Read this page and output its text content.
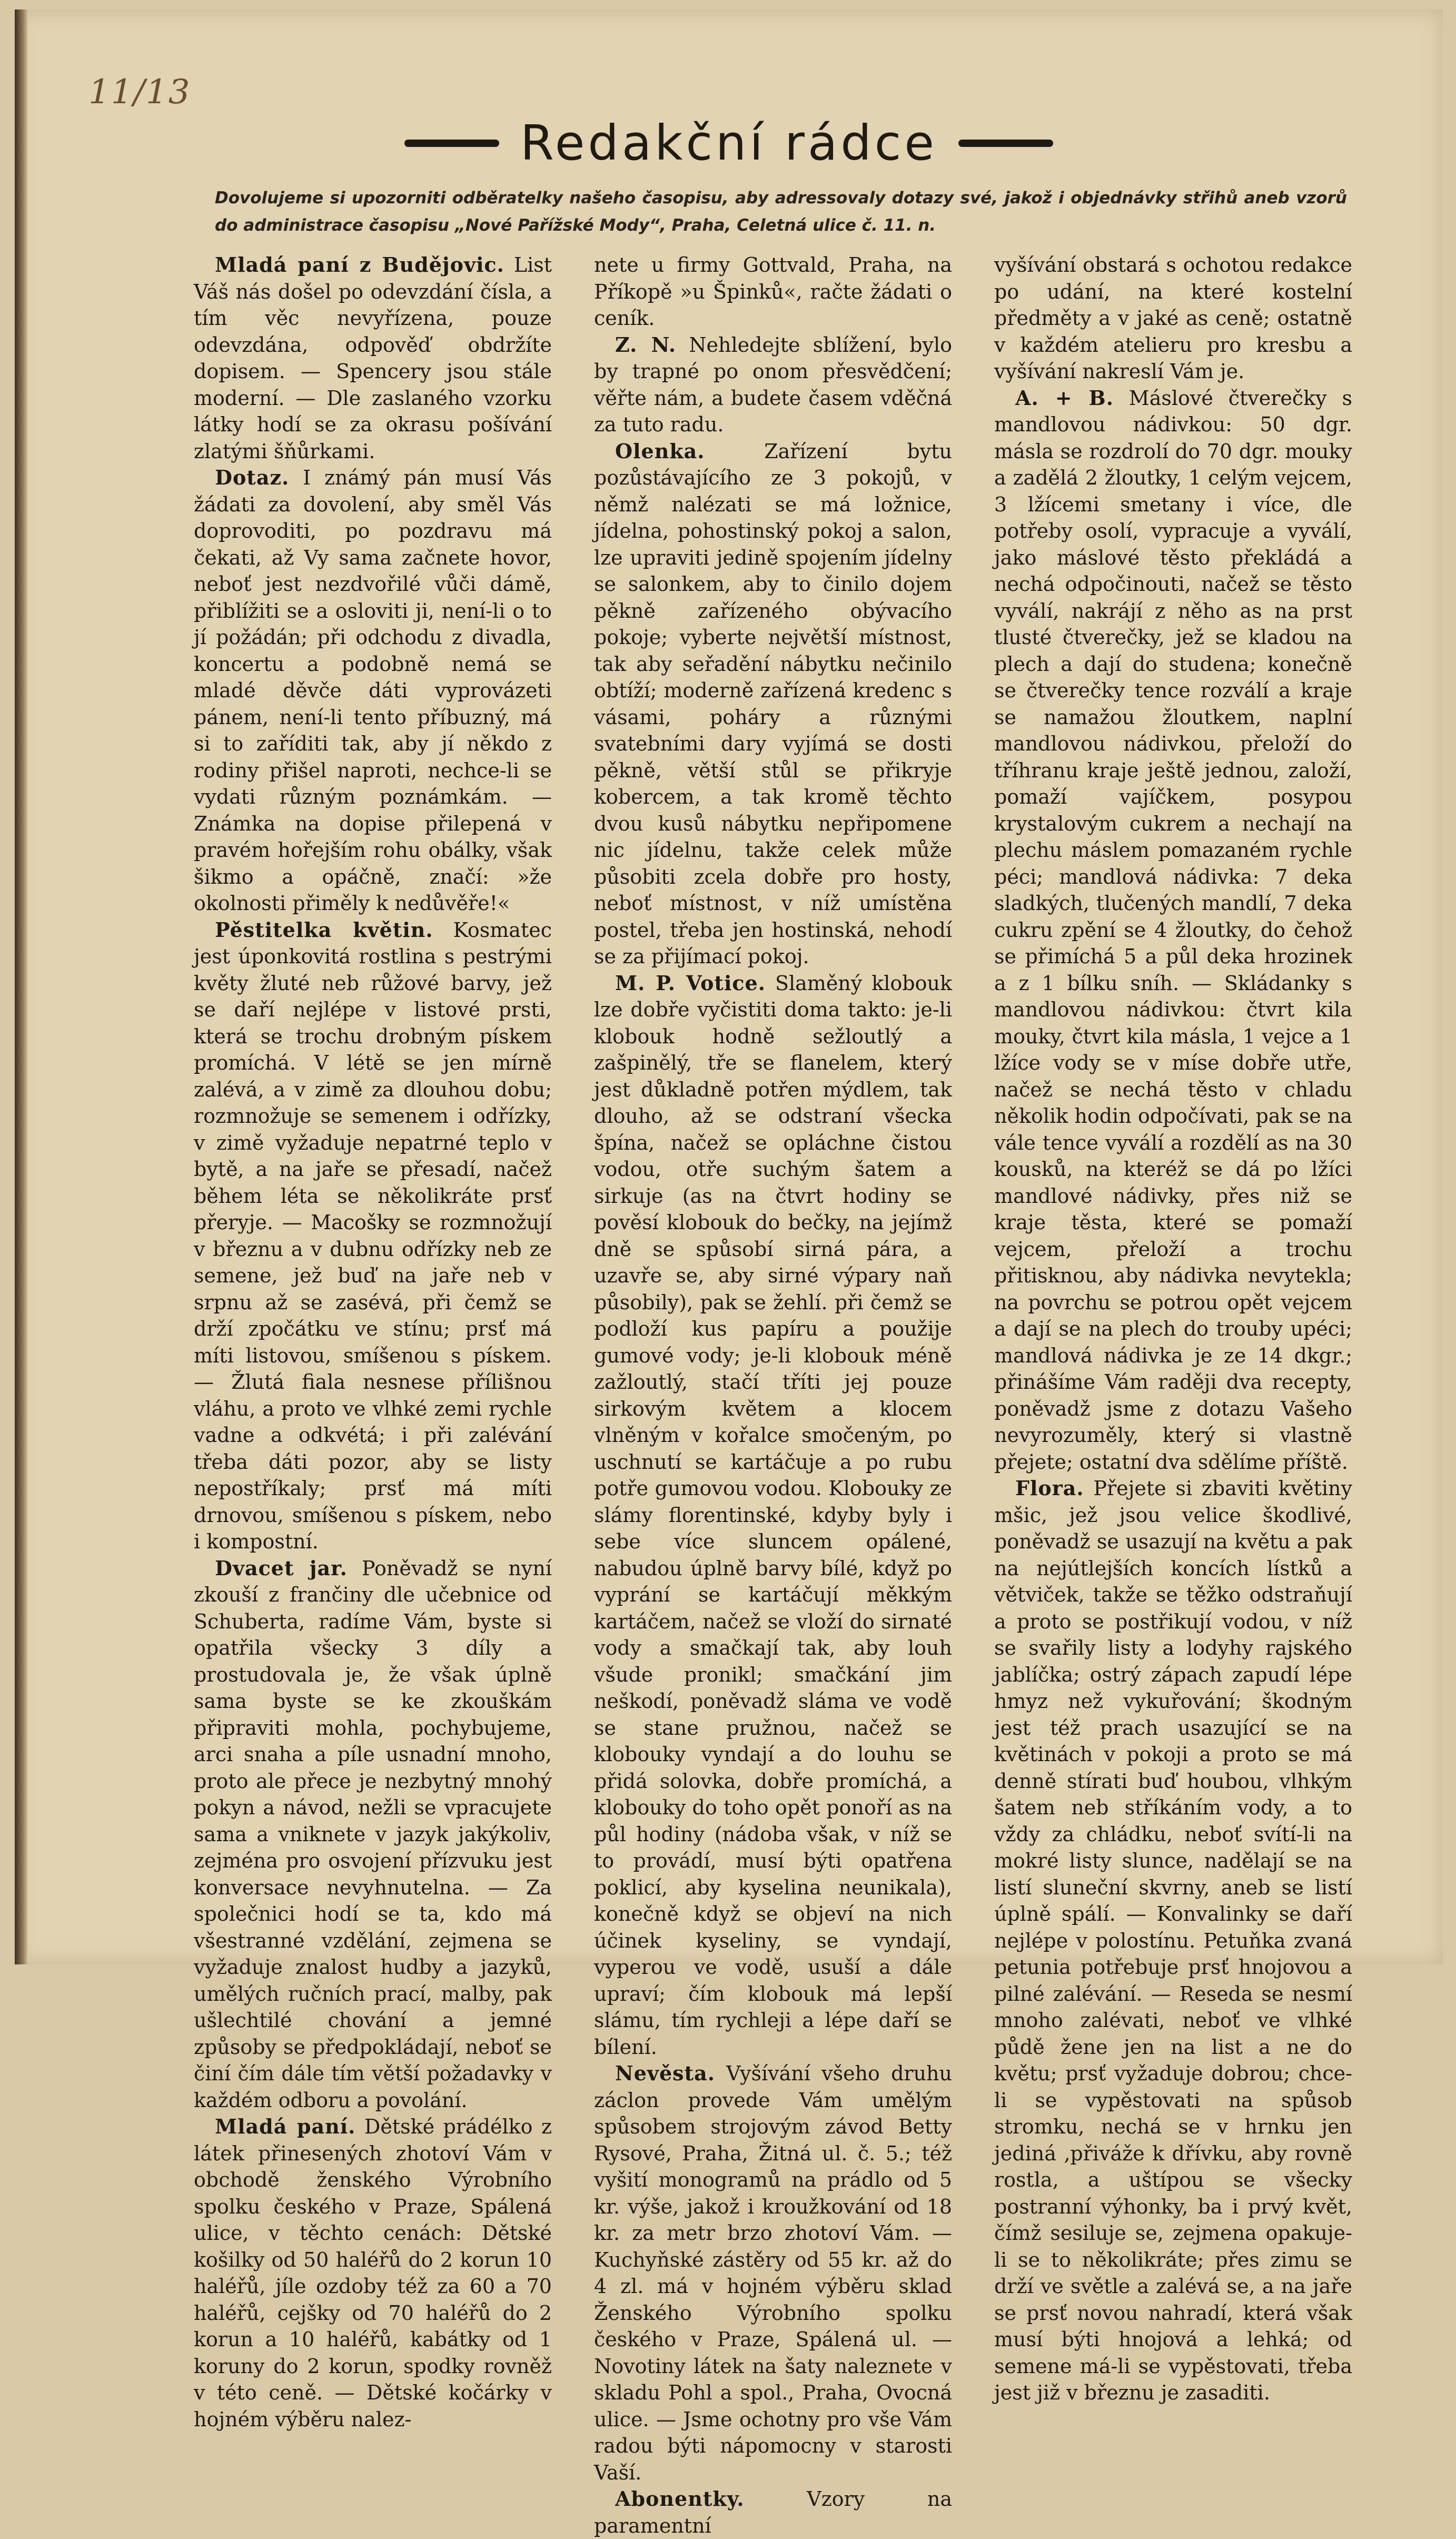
11/13
Redakční rádce
Dovolujeme si upozorniti odběratelky našeho časopisu, aby adressovaly dotazy své, jakož i objednávky střihů aneb vzorů do administrace časopisu „Nové Pařížské Mody“, Praha, Celetná ulice č. 11. n.

Mladá paní z Budějovic. List Váš nás došel po odevzdání čísla, a tím věc nevyřízena, pouze odevzdána, odpověď obdržíte dopisem. — Spencery jsou stále moderní. — Dle zaslaného vzorku látky hodí se za okrasu pošívání zlatými šňůrkami.

Dotaz. I známý pán musí Vás žádati za dovolení, aby směl Vás doprovoditi, po pozdravu má čekati, až Vy sama začnete hovor, neboť jest nezdvořilé vůči dámě, přiblížiti se a osloviti ji, není-li o to jí požádán; při odchodu z divadla, koncertu a podobně nemá se mladé děvče dáti vyprovázeti pánem, není-li tento příbuzný, má si to zaříditi tak, aby jí někdo z rodiny přišel naproti, nechce-li se vydati různým poznámkám. — Známka na dopise přilepená v pravém hořejším rohu obálky, však šikmo a opáčně, značí: »že okolnosti přiměly k nedůvěře!«

Pěstitelka květin. Kosmatec jest úponkovitá rostlina s pestrými květy žluté neb růžové barvy, jež se daří nejlépe v listové prsti, která se trochu drobným pískem promíchá. V létě se jen mírně zalévá, a v zimě za dlouhou dobu; rozmnožuje se semenem i odřízky, v zimě vyžaduje nepatrné teplo v bytě, a na jaře se přesadí, načež během léta se několikráte prsť přeryje. — Macošky se rozmnožují v březnu a v dubnu odřízky neb ze semene, jež buď na jaře neb v srpnu až se zasévá, při čemž se drží zpočátku ve stínu; prsť má míti listovou, smíšenou s pískem. — Žlutá fiala nesnese přílišnou vláhu, a proto ve vlhké zemi rychle vadne a odkvétá; i při zalévání třeba dáti pozor, aby se listy nepostříkaly; prsť má míti drnovou, smíšenou s pískem, nebo i kompostní.

Dvacet jar. Poněvadž se nyní zkouší z frančiny dle učebnice od Schuberta, radíme Vám, byste si opatřila všecky 3 díly a prostudovala je, že však úplně sama byste se ke zkouškám připraviti mohla, pochybujeme, arci snaha a píle usnadní mnoho, proto ale přece je nezbytný mnohý pokyn a návod, nežli se vpracujete sama a vniknete v jazyk jakýkoliv, zejména pro osvojení přízvuku jest konversace nevyhnutelna. — Za společnici hodí se ta, kdo má všestranné vzdělání, zejmena se vyžaduje znalost hudby a jazyků, umělých ručních prací, malby, pak ušlechtilé chování a jemné způsoby se předpokládají, neboť se činí čím dále tím větší požadavky v každém odboru a povolání.

Mladá paní. Dětské prádélko z látek přinesených zhotoví Vám v obchodě ženského Výrobního spolku českého v Praze, Spálená ulice, v těchto cenách: Dětské košilky od 50 haléřů do 2 korun 10 haléřů, jíle ozdoby též za 60 a 70 haléřů, cejšky od 70 haléřů do 2 korun a 10 haléřů, kabátky od 1 koruny do 2 korun, spodky rovněž v této ceně. — Dětské kočárky v hojném výběru nalez-

nete u firmy Gottvald, Praha, na Příkopě »u Špinků«, račte žádati o ceník.

Z. N. Nehledejte sblížení, bylo by trapné po onom přesvědčení; věřte nám, a budete časem vděčná za tuto radu.

Olenka. Zařízení bytu pozůstávajícího ze 3 pokojů, v němž nalézati se má ložnice, jídelna, pohostinský pokoj a salon, lze upraviti jedině spojením jídelny se salonkem, aby to činilo dojem pěkně zařízeného obývacího pokoje; vyberte největší místnost, tak aby seřadění nábytku nečinilo obtíží; moderně zařízená kredenc s vásami, poháry a různými svatebními dary vyjímá se dosti pěkně, větší stůl se přikryje kobercem, a tak kromě těchto dvou kusů nábytku nepřipomene nic jídelnu, takže celek může působiti zcela dobře pro hosty, neboť místnost, v níž umístěna postel, třeba jen hostinská, nehodí se za přijímací pokoj.

M. P. Votice. Slaměný klobouk lze dobře vyčistiti doma takto: je-li klobouk hodně sežloutlý a zašpinělý, tře se flanelem, který jest důkladně potřen mýdlem, tak dlouho, až se odstraní všecka špína, načež se opláchne čistou vodou, otře suchým šatem a sirkuje (as na čtvrt hodiny se pověsí klobouk do bečky, na jejímž dně se spůsobí sirná pára, a uzavře se, aby sirné výpary naň působily), pak se žehlí. při čemž se podloží kus papíru a použije gumové vody; je-li klobouk méně zažloutlý, stačí tříti jej pouze sirkovým květem a klocem vlněným v kořalce smočeným, po uschnutí se kartáčuje a po rubu potře gumovou vodou. Klobouky ze slámy florentinské, kdyby byly i sebe více sluncem opálené, nabudou úplně barvy bílé, když po vyprání se kartáčují měkkým kartáčem, načež se vloží do sirnaté vody a smačkají tak, aby louh všude pronikl; smačkání jim neškodí, poněvadž sláma ve vodě se stane pružnou, načež se klobouky vyndají a do louhu se přidá solovka, dobře promíchá, a klobouky do toho opět ponoří as na půl hodiny (nádoba však, v níž se to provádí, musí býti opatřena poklicí, aby kyselina neunikala), konečně když se objeví na nich účinek kyseliny, se vyndají, vyperou ve vodě, usuší a dále upraví; čím klobouk má lepší slámu, tím rychleji a lépe daří se bílení.

Nevěsta. Vyšívání všeho druhu záclon provede Vám umělým spůsobem strojovým závod Betty Rysové, Praha, Žitná ul. č. 5.; též vyšití monogramů na prádlo od 5 kr. výše, jakož i kroužkování od 18 kr. za metr brzo zhotoví Vám. — Kuchyňské zástěry od 55 kr. až do 4 zl. má v hojném výběru sklad Ženského Výrobního spolku českého v Praze, Spálená ul. — Novotiny látek na šaty naleznete v skladu Pohl a spol., Praha, Ovocná ulice. — Jsme ochotny pro vše Vám radou býti nápomocny v starosti Vaší.

Abonentky. Vzory na paramentní

vyšívání obstará s ochotou redakce po udání, na které kostelní předměty a v jaké as ceně; ostatně v každém atelieru pro kresbu a vyšívání nakreslí Vám je.

A. + B. Máslové čtverečky s mandlovou nádivkou: 50 dgr. másla se rozdrolí do 70 dgr. mouky a zadělá 2 žloutky, 1 celým vejcem, 3 lžícemi smetany i více, dle potřeby osolí, vypracuje a vyválí, jako máslové těsto překládá a nechá odpočinouti, načež se těsto vyválí, nakrájí z něho as na prst tlusté čtverečky, jež se kladou na plech a dají do studena; konečně se čtverečky tence rozválí a kraje se namažou žloutkem, naplní mandlovou nádivkou, přeloží do tříhranu kraje ještě jednou, založí, pomaží vajíčkem, posypou krystalovým cukrem a nechají na plechu máslem pomazaném rychle péci; mandlová nádivka: 7 deka sladkých, tlučených mandlí, 7 deka cukru zpění se 4 žloutky, do čehož se přimíchá 5 a půl deka hrozinek a z 1 bílku sníh. — Skládanky s mandlovou nádivkou: čtvrt kila mouky, čtvrt kila másla, 1 vejce a 1 lžíce vody se v míse dobře utře, načež se nechá těsto v chladu několik hodin odpočívati, pak se na vále tence vyválí a rozdělí as na 30 kousků, na kteréž se dá po lžíci mandlové nádivky, přes niž se kraje těsta, které se pomaží vejcem, přeloží a trochu přitisknou, aby nádivka nevytekla; na povrchu se potrou opět vejcem a dají se na plech do trouby upéci; mandlová nádivka je ze 14 dkgr.; přinášíme Vám raději dva recepty, poněvadž jsme z dotazu Vašeho nevyrozuměly, který si vlastně přejete; ostatní dva sdělíme příště.

Flora. Přejete si zbaviti květiny mšic, jež jsou velice škodlivé, poněvadž se usazují na květu a pak na nejútlejších koncích lístků a větviček, takže se těžko odstraňují a proto se postřikují vodou, v níž se svařily listy a lodyhy rajského jablíčka; ostrý zápach zapudí lépe hmyz než vykuřování; škodným jest též prach usazující se na květinách v pokoji a proto se má denně stírati buď houbou, vlhkým šatem neb stříkáním vody, a to vždy za chládku, neboť svítí-li na mokré listy slunce, nadělají se na listí sluneční skvrny, aneb se listí úplně spálí. — Konvalinky se daří nejlépe v polostínu. Petuňka zvaná petunia potřebuje prsť hnojovou a pilné zalévání. — Reseda se nesmí mnoho zalévati, neboť ve vlhké půdě žene jen na list a ne do květu; prsť vyžaduje dobrou; chce-li se vypěstovati na spůsob stromku, nechá se v hrnku jen jediná ‚přiváže k dřívku, aby rovně rostla, a uštípou se všecky postranní výhonky, ba i prvý květ, čímž sesiluje se, zejmena opakuje-li se to několikráte; přes zimu se drží ve světle a zalévá se, a na jaře se prsť novou nahradí, která však musí býti hnojová a lehká; od semene má-li se vypěstovati, třeba jest již v březnu je zasaditi.
